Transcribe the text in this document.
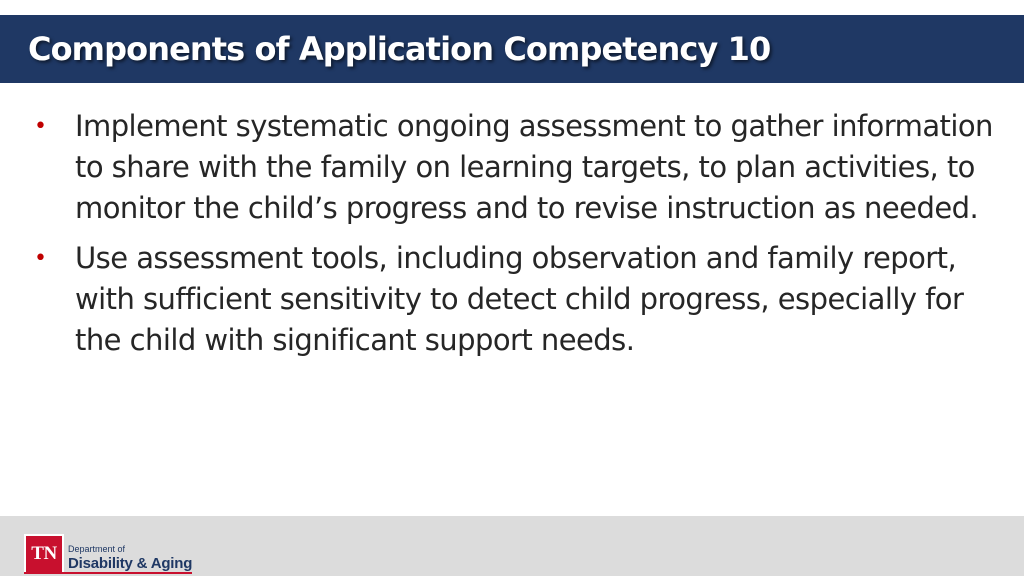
Components of Application Competency 10
• Implement systematic ongoing assessment to gather information to share with the family on learning targets, to plan activities, to monitor the child’s progress and to revise instruction as needed.
• Use assessment tools, including observation and family report, with sufficient sensitivity to detect child progress, especially for the child with significant support needs.
TN Department of
Disability & Aging
